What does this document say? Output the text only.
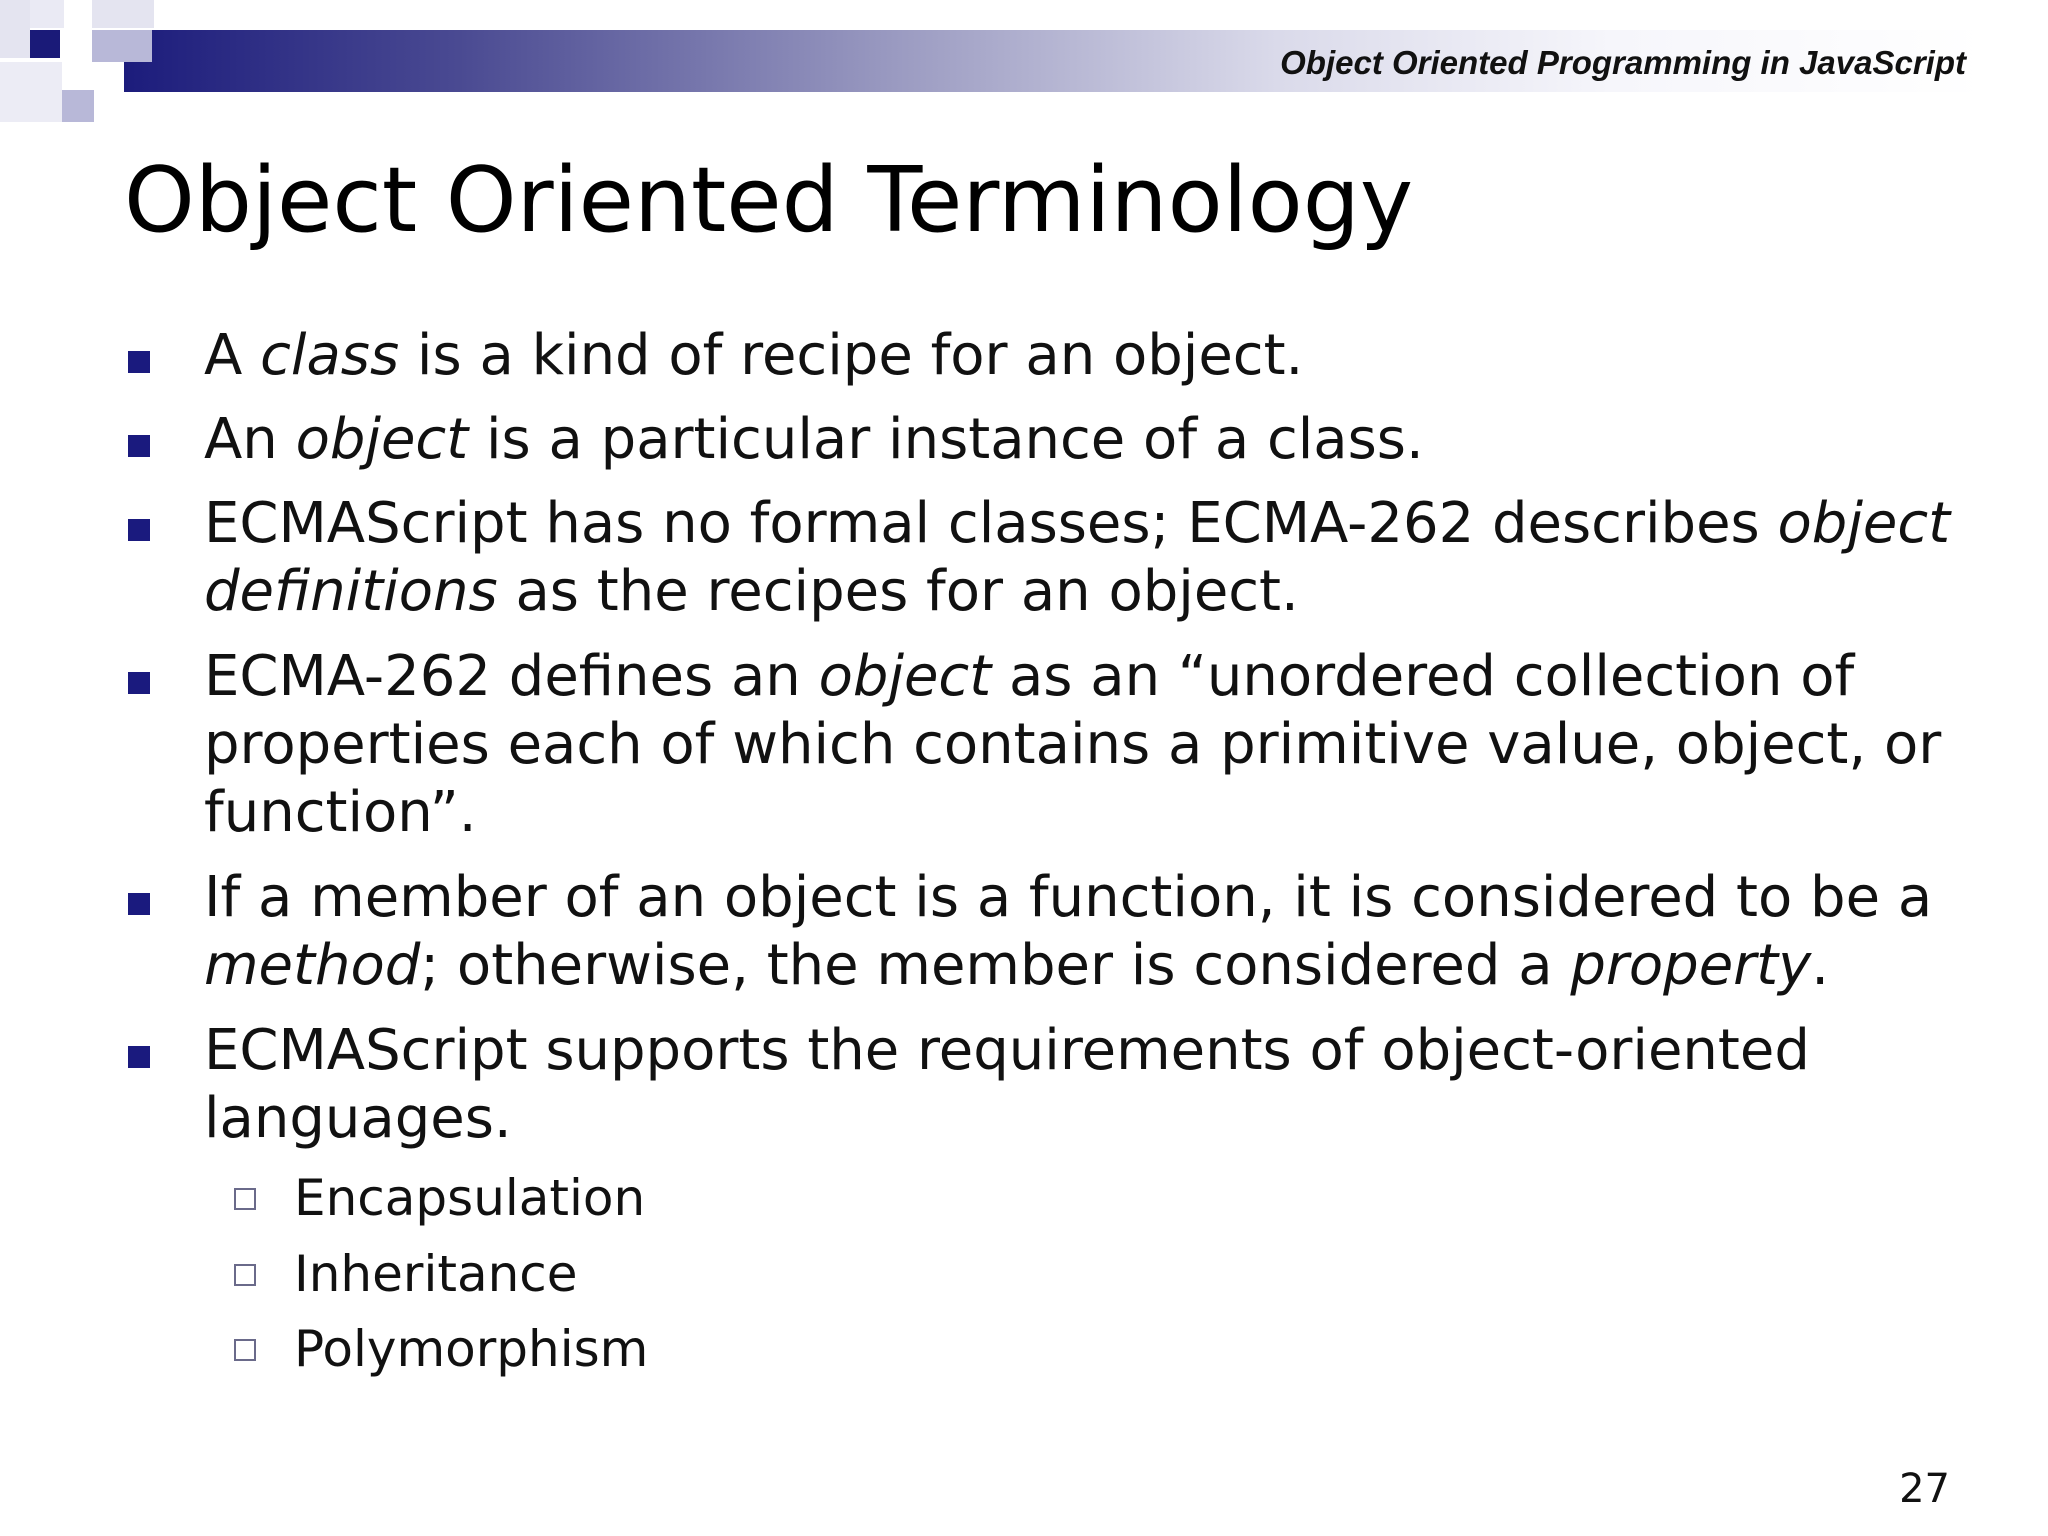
Object Oriented Programming in JavaScript
Object Oriented Terminology
A class is a kind of recipe for an object.
An object is a particular instance of a class.
ECMAScript has no formal classes; ECMA-262 describes object definitions as the recipes for an object.
ECMA-262 defines an object as an “unordered collection of properties each of which contains a primitive value, object, or function”.
If a member of an object is a function, it is considered to be a method; otherwise, the member is considered a property.
ECMAScript supports the requirements of object-oriented languages.
Encapsulation
Inheritance
Polymorphism
27
